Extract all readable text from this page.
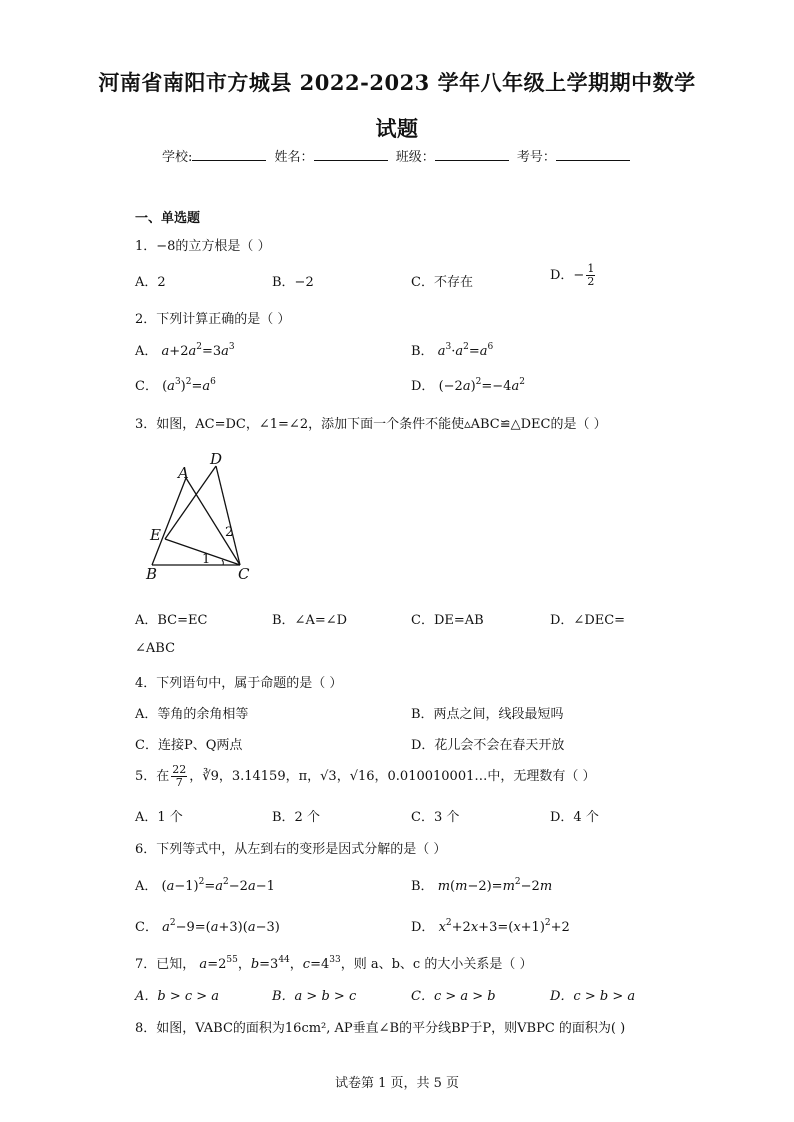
河南省南阳市方城县 2022-2023 学年八年级上学期期中数学
试题
学校:	姓名：	班级：	考号：
一、单选题
1．−8的立方根是（ ）
A．2	B．−2	C．不存在	D．− $\frac{1}{2}$
2．下列计算正确的是（ ）
A． $a+2a^2=3a^3$	B． $a^3\cdot a^2=a^6$
C． $(a^3)^2=a^6$	D． $(-2a)^2=-4a^2$
3．如图，AC=DC，∠1=∠2，添加下面一个条件不能使▵ABC≌△DEC的是（ ）
A
D
E
B	C
1
2
A．BC=EC	B．∠A=∠D	C．DE=AB	D．∠DEC=
∠ABC
4．下列语句中，属于命题的是（ ）
A．等角的余角相等	B．两点之间，线段最短吗
C．连接P、Q两点	D．花儿会不会在春天开放
5．在 $\frac{22}{7}$ ，∛9，3.14159，π，√3，√16，0.010010001…中，无理数有（ ）
A．1 个	B．2 个	C．3 个	D．4 个
6．下列等式中，从左到右的变形是因式分解的是（ ）
A． $(a-1)^2=a^2-2a-1$	B． $m(m-2)=m^2-2m$
C． $a^2-9=(a+3)(a-3)$	D． $x^2+2x+3=(x+1)^2+2$
7．已知， $a=2^{55}$，$b=3^{44}$，$c=4^{33}$，则 a、b、c 的大小关系是（ ）
A．b > c > a	B．a > b > c	C．c > a > b	D．c > b > a
8．如图，VABC的面积为16cm², AP垂直∠B的平分线BP于P，则VBPC 的面积为( )
试卷第 1 页，共 5 页
